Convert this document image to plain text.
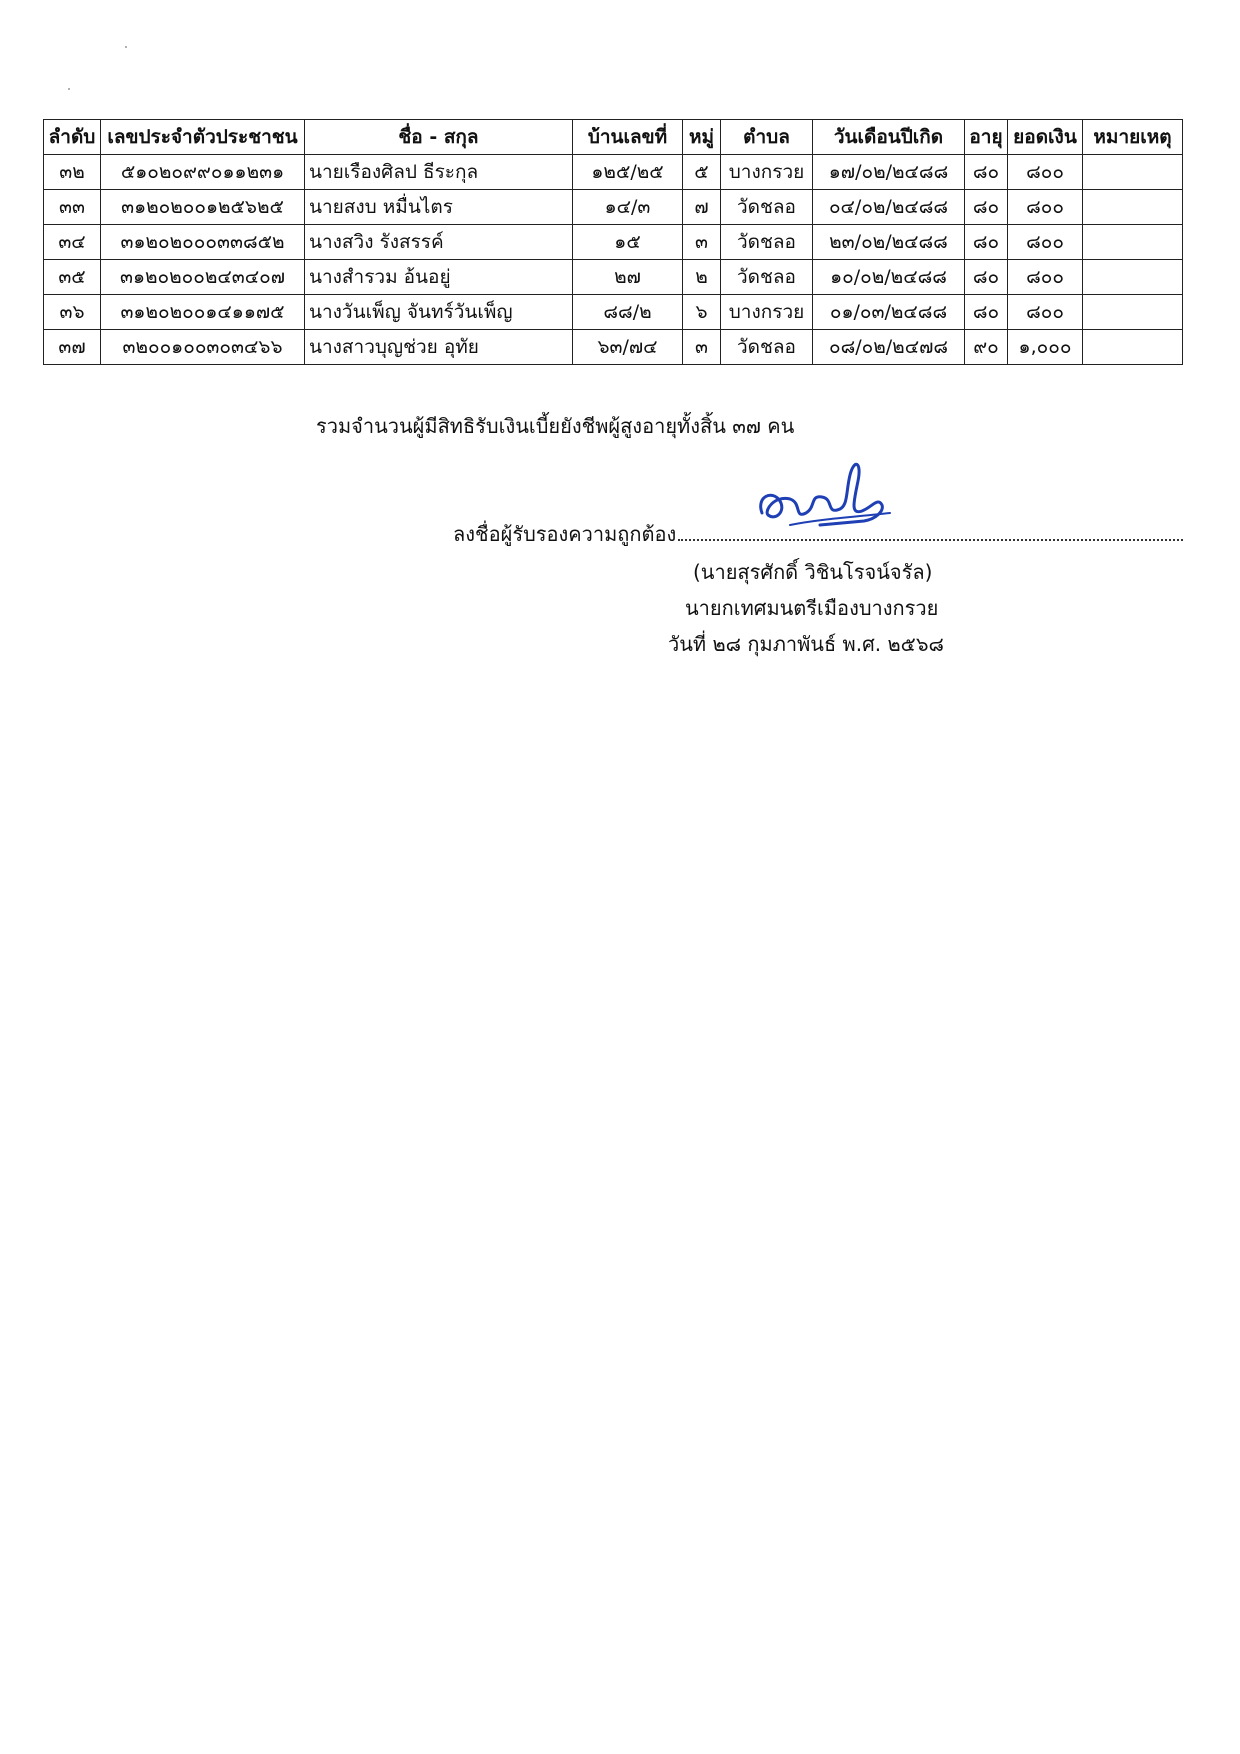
ลำดับ	เลขประจำตัวประชาชน	ชื่อ - สกุล	บ้านเลขที่	หมู่	ตำบล	วันเดือนปีเกิด	อายุ	ยอดเงิน	หมายเหตุ
๓๒	๕๑๐๒๐๙๙๐๑๑๒๓๑	นายเรืองศิลป ธีระกุล	๑๒๕/๒๕	๕	บางกรวย	๑๗/๐๒/๒๔๘๘	๘๐	๘๐๐	
๓๓	๓๑๒๐๒๐๐๑๒๕๖๒๕	นายสงบ หมื่นไตร	๑๔/๓	๗	วัดชลอ	๐๔/๐๒/๒๔๘๘	๘๐	๘๐๐	
๓๔	๓๑๒๐๒๐๐๐๓๓๘๕๒	นางสวิง รังสรรค์	๑๕	๓	วัดชลอ	๒๓/๐๒/๒๔๘๘	๘๐	๘๐๐	
๓๕	๓๑๒๐๒๐๐๒๔๓๔๐๗	นางสำรวม อ้นอยู่	๒๗	๒	วัดชลอ	๑๐/๐๒/๒๔๘๘	๘๐	๘๐๐	
๓๖	๓๑๒๐๒๐๐๑๔๑๑๗๕	นางวันเพ็ญ จันทร์วันเพ็ญ	๘๘/๒	๖	บางกรวย	๐๑/๐๓/๒๔๘๘	๘๐	๘๐๐	
๓๗	๓๒๐๐๑๐๐๓๐๓๔๖๖	นางสาวบุญช่วย อุทัย	๖๓/๗๔	๓	วัดชลอ	๐๘/๐๒/๒๔๗๘	๙๐	๑,๐๐๐	
รวมจำนวนผู้มีสิทธิรับเงินเบี้ยยังชีพผู้สูงอายุทั้งสิ้น ๓๗ คน
ลงชื่อผู้รับรองความถูกต้อง
(นายสุรศักดิ์ วิชินโรจน์จรัล)
นายกเทศมนตรีเมืองบางกรวย
วันที่ ๒๘ กุมภาพันธ์ พ.ศ. ๒๕๖๘
